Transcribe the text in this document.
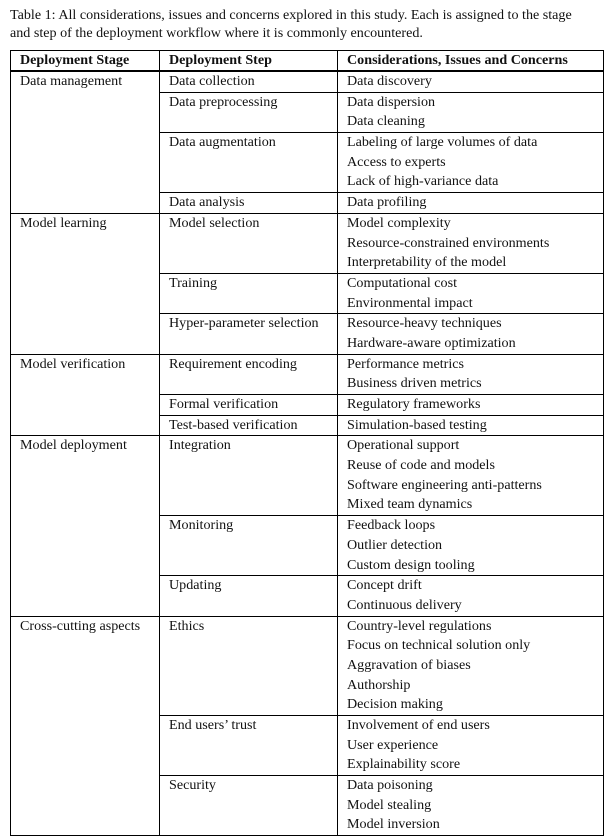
Table 1: All considerations, issues and concerns explored in this study. Each is assigned to the stage
and step of the deployment workflow where it is commonly encountered.

Deployment Stage	Deployment Step	Considerations, Issues and Concerns

Data management	Data collection	Data discovery

	Data preprocessing	Data dispersion
Data cleaning

	Data augmentation	Labeling of large volumes of data
Access to experts
Lack of high-variance data

	Data analysis	Data profiling

Model learning	Model selection	Model complexity
Resource-constrained environments
Interpretability of the model

	Training	Computational cost
Environmental impact

	Hyper-parameter selection	Resource-heavy techniques
Hardware-aware optimization

Model verification	Requirement encoding	Performance metrics
Business driven metrics

	Formal verification	Regulatory frameworks

	Test-based verification	Simulation-based testing

Model deployment	Integration	Operational support
Reuse of code and models
Software engineering anti-patterns
Mixed team dynamics

	Monitoring	Feedback loops
Outlier detection
Custom design tooling

	Updating	Concept drift
Continuous delivery

Cross-cutting aspects	Ethics	Country-level regulations
Focus on technical solution only
Aggravation of biases
Authorship
Decision making

	End users’ trust	Involvement of end users
User experience
Explainability score

	Security	Data poisoning
Model stealing
Model inversion
